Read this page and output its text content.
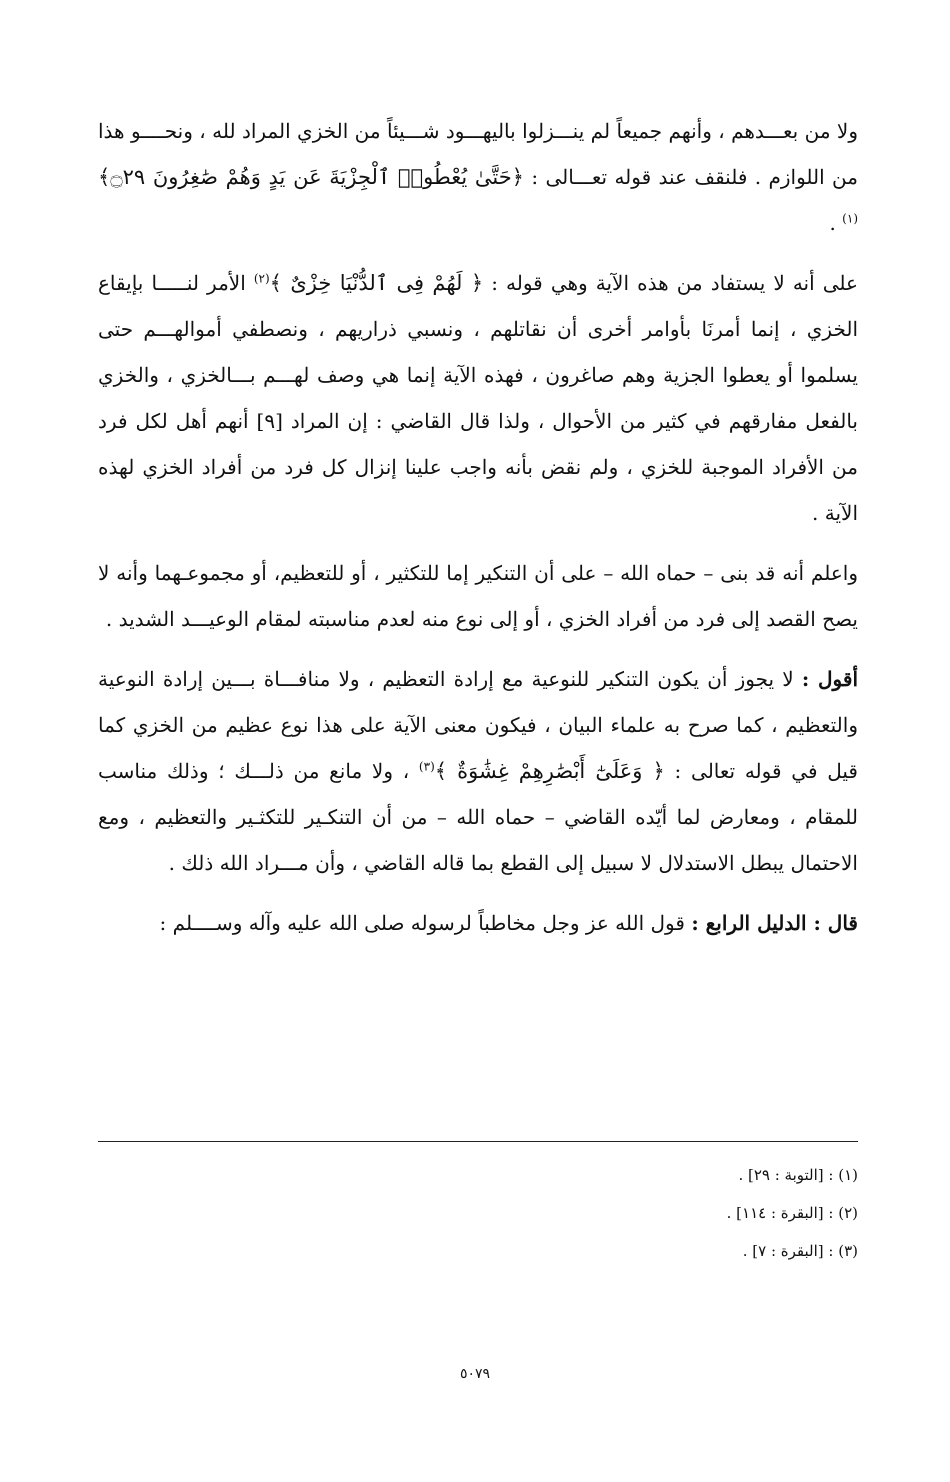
ولا من بعـــدهم ، وأنهم جميعاً لم ينـــزلوا باليهـــود شـــيئاً من الخزي المراد لله ، ونحــــو هذا من اللوازم . فلنقف عند قوله تعـــالى : ﴿حَتَّىٰ يُعْطُوا۟ ٱلْجِزْيَةَ عَن يَدٍ وَهُمْ صَٰغِرُونَ ۝٢٩﴾$^{(١)}$ .

على أنه لا يستفاد من هذه الآية وهي قوله : ﴿ لَهُمْ فِى ٱلدُّنْيَا خِزْىٌ ﴾$^{(٢)}$ الأمر لنـــــا بإيقاع الخزي ، إنما أمرنَا بأوامر أخرى أن نقاتلهم ، ونسبي ذراريهم ، ونصطفي أموالهـــم حتى يسلموا أو يعطوا الجزية وهم صاغرون ، فهذه الآية إنما هي وصف لهـــم بـــالخزي ، والخزي بالفعل مفارقهم في كثير من الأحوال ، ولذا قال القاضي : إن المراد [٩] أنهم أهل لكل فرد من الأفراد الموجبة للخزي ، ولم نقض بأنه واجب علينا إنزال كل فرد من أفراد الخزي لهذه الآية .

واعلم أنه قد بنى – حماه الله – على أن التنكير إما للتكثير ، أو للتعظيم، أو مجموعـهما وأنه لا يصح القصد إلى فرد من أفراد الخزي ، أو إلى نوع منه لعدم مناسبته لمقام الوعيـــد الشديد .

أقول : لا يجوز أن يكون التنكير للنوعية مع إرادة التعظيم ، ولا منافـــاة بـــين إرادة النوعية والتعظيم ، كما صرح به علماء البيان ، فيكون معنى الآية على هذا نوع عظيم من الخزي كما قيل في قوله تعالى : ﴿ وَعَلَىٰٓ أَبْصَٰرِهِمْ غِشَٰوَةٌ ﴾$^{(٣)}$ ، ولا مانع من ذلـــك ؛ وذلك مناسب للمقام ، ومعارض لما أيّده القاضي – حماه الله – من أن التنكـير للتكثـير والتعظيم ، ومع الاحتمال يبطل الاستدلال لا سبيل إلى القطع بما قاله القاضي ، وأن مـــراد الله ذلك .

قال : الدليل الرابع : قول الله عز وجل مخاطباً لرسوله صلى الله عليه وآله وســــلم :

(١) : [التوبة : ٢٩] .
(٢) : [البقرة : ١١٤] .
(٣) : [البقرة : ٧] .
٥٠٧٩
